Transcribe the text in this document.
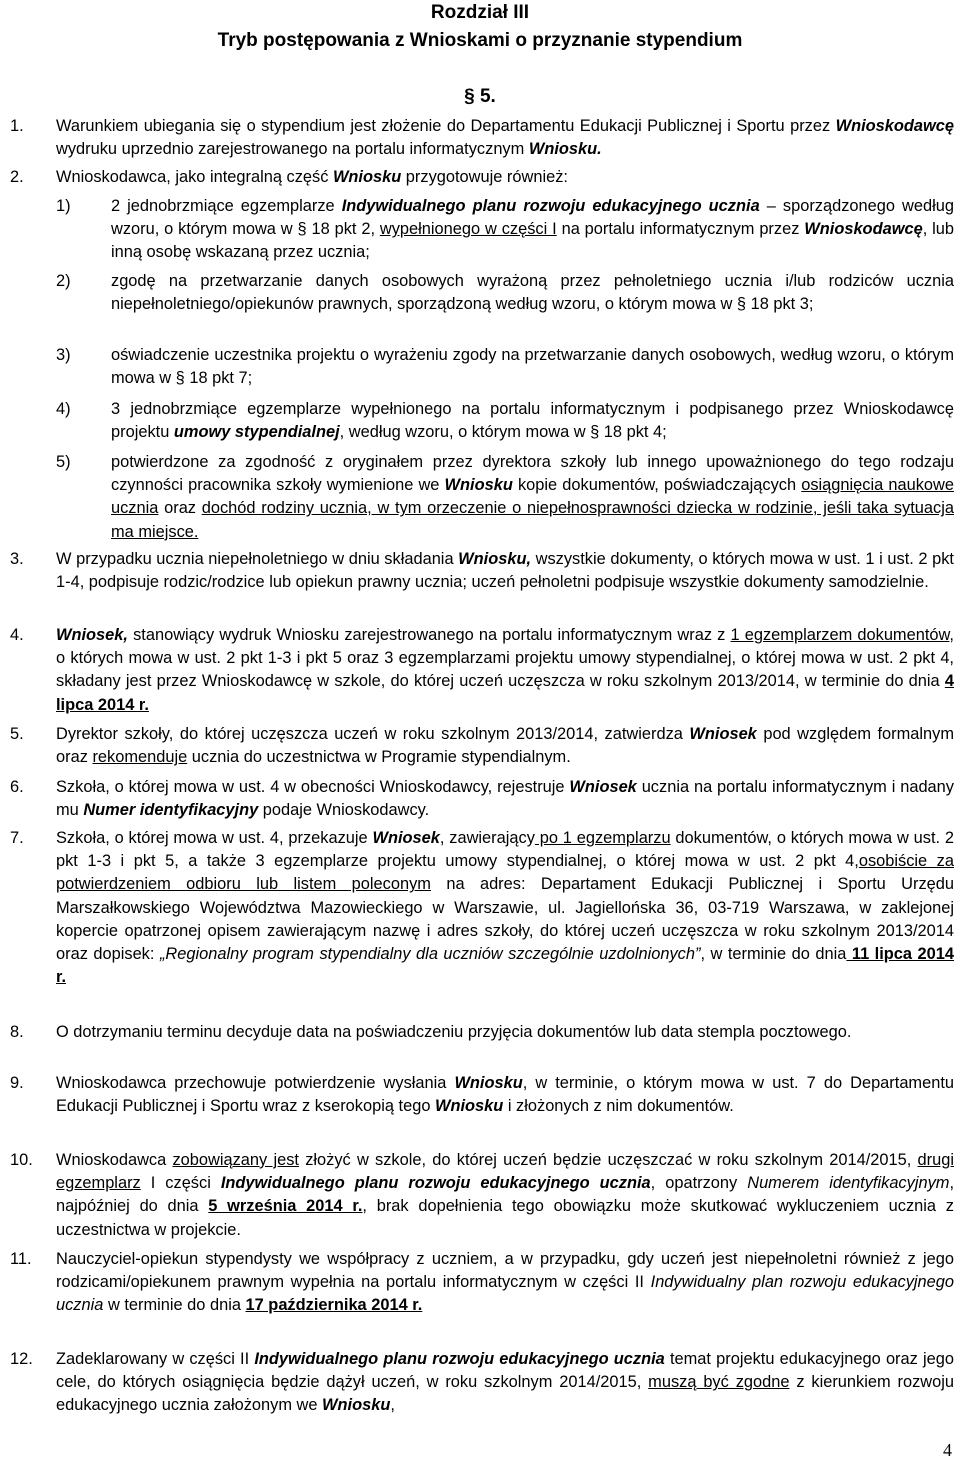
Rozdział III
Tryb postępowania z Wnioskami o przyznanie stypendium
§ 5.
1. Warunkiem ubiegania się o stypendium jest złożenie do Departamentu Edukacji Publicznej i Sportu przez Wnioskodawcę wydruku uprzednio zarejestrowanego na portalu informatycznym Wniosku.
2. Wnioskodawca, jako integralną część Wniosku przygotowuje również:
1) 2 jednobrzmiące egzemplarze Indywidualnego planu rozwoju edukacyjnego ucznia – sporządzonego według wzoru, o którym mowa w § 18 pkt 2, wypełnionego w części I na portalu informatycznym przez Wnioskodawcę, lub inną osobę wskazaną przez ucznia;
2) zgodę na przetwarzanie danych osobowych wyrażoną przez pełnoletniego ucznia i/lub rodziców ucznia niepełnoletniego/opiekunów prawnych, sporządzoną według wzoru, o którym mowa w § 18 pkt 3;
3) oświadczenie uczestnika projektu o wyrażeniu zgody na przetwarzanie danych osobowych, według wzoru, o którym mowa w § 18 pkt 7;
4) 3 jednobrzmiące egzemplarze wypełnionego na portalu informatycznym i podpisanego przez Wnioskodawcę projektu umowy stypendialnej, według wzoru, o którym mowa w § 18 pkt 4;
5) potwierdzone za zgodność z oryginałem przez dyrektora szkoły lub innego upoważnionego do tego rodzaju czynności pracownika szkoły wymienione we Wniosku kopie dokumentów, poświadczających osiągnięcia naukowe ucznia oraz dochód rodziny ucznia, w tym orzeczenie o niepełnosprawności dziecka w rodzinie, jeśli taka sytuacja ma miejsce.
3. W przypadku ucznia niepełnoletniego w dniu składania Wniosku, wszystkie dokumenty, o których mowa w ust. 1 i ust. 2 pkt 1-4, podpisuje rodzic/rodzice lub opiekun prawny ucznia; uczeń pełnoletni podpisuje wszystkie dokumenty samodzielnie.
4. Wniosek, stanowiący wydruk Wniosku zarejestrowanego na portalu informatycznym wraz z 1 egzemplarzem dokumentów, o których mowa w ust. 2 pkt 1-3 i pkt 5 oraz 3 egzemplarzami projektu umowy stypendialnej, o której mowa w ust. 2 pkt 4, składany jest przez Wnioskodawcę w szkole, do której uczeń uczęszcza w roku szkolnym 2013/2014, w terminie do dnia 4 lipca 2014 r.
5. Dyrektor szkoły, do której uczęszcza uczeń w roku szkolnym 2013/2014, zatwierdza Wniosek pod względem formalnym oraz rekomenduje ucznia do uczestnictwa w Programie stypendialnym.
6. Szkoła, o której mowa w ust. 4 w obecności Wnioskodawcy, rejestruje Wniosek ucznia na portalu informatycznym i nadany mu Numer identyfikacyjny podaje Wnioskodawcy.
7. Szkoła, o której mowa w ust. 4, przekazuje Wniosek, zawierający po 1 egzemplarzu dokumentów, o których mowa w ust. 2 pkt 1-3 i pkt 5, a także 3 egzemplarze projektu umowy stypendialnej, o której mowa w ust. 2 pkt 4,osobiście za potwierdzeniem odbioru lub listem poleconym na adres: Departament Edukacji Publicznej i Sportu Urzędu Marszałkowskiego Województwa Mazowieckiego w Warszawie, ul. Jagiellońska 36, 03-719 Warszawa, w zaklejonej kopercie opatrzonej opisem zawierającym nazwę i adres szkoły, do której uczeń uczęszcza w roku szkolnym 2013/2014 oraz dopisek: „Regionalny program stypendialny dla uczniów szczególnie uzdolnionych”, w terminie do dnia 11 lipca 2014 r.
8. O dotrzymaniu terminu decyduje data na poświadczeniu przyjęcia dokumentów lub data stempla pocztowego.
9. Wnioskodawca przechowuje potwierdzenie wysłania Wniosku, w terminie, o którym mowa w ust. 7 do Departamentu Edukacji Publicznej i Sportu wraz z kserokopią tego Wniosku i złożonych z nim dokumentów.
10. Wnioskodawca zobowiązany jest złożyć w szkole, do której uczeń będzie uczęszczać w roku szkolnym 2014/2015, drugi egzemplarz I części Indywidualnego planu rozwoju edukacyjnego ucznia, opatrzony Numerem identyfikacyjnym, najpóźniej do dnia 5 września 2014 r., brak dopełnienia tego obowiązku może skutkować wykluczeniem ucznia z uczestnictwa w projekcie.
11. Nauczyciel-opiekun stypendysty we współpracy z uczniem, a w przypadku, gdy uczeń jest niepełnoletni również z jego rodzicami/opiekunem prawnym wypełnia na portalu informatycznym w części II Indywidualny plan rozwoju edukacyjnego ucznia w terminie do dnia 17 października 2014 r.
12. Zadeklarowany w części II Indywidualnego planu rozwoju edukacyjnego ucznia temat projektu edukacyjnego oraz jego cele, do których osiągnięcia będzie dążył uczeń, w roku szkolnym 2014/2015, muszą być zgodne z kierunkiem rozwoju edukacyjnego ucznia założonym we Wniosku,
4
